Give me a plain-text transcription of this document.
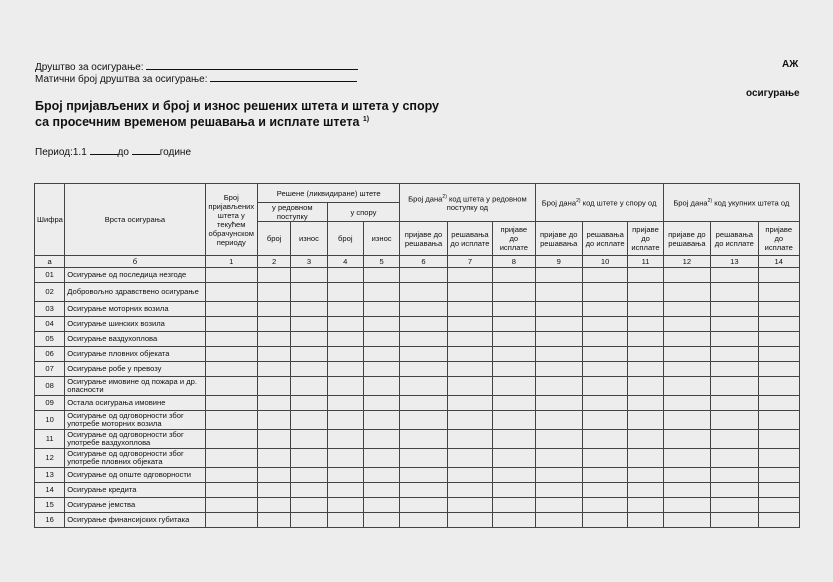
Друштво за осигурање:
Матични број друштва за осигурање:
АЖ
осигурање
Број пријављених и број и износ решених штета и штета у спору
са просечним временом решавања и исплате штета $^{1)}$
Период:1.1	до	године
Шифра	Врста осигурања	Број пријављених штета у текућем обрачунском периоду	Решене (ликвидиране) штете				Број дана$^{2)}$ код штета у редовном поступку од			Број дана$^{2)}$ код штете у спору од			Број дана$^{2)}$ код укупних штета од		
			у редовном поступку		у спору										
			број	износ	број	износ	пријаве до решавања	решавања до исплате	пријаве до исплате	пријаве до решавања	решавања до исплате	пријаве до исплате	пријаве до решавања	решавања до исплате	пријаве до исплате
а	б	1	2	3	4	5	6	7	8	9	10	11	12	13	14
01	Осигурање од последица незгоде														
02	Добровољно здравствено осигурање														
03	Осигурање моторних возила														
04	Осигурање шинских возила														
05	Осигурање ваздухоплова														
06	Осигурање пловних објеката														
07	Осигурање робе у превозу														
08	Осигурање имовине од пожара и др. опасности														
09	Остала осигурања имовине														
10	Осигурање од одговорности због употребе моторних возила														
11	Осигурање од одговорности због употребе ваздухоплова														
12	Осигурање од одговорности због употребе пловних објеката														
13	Осигурање од опште одговорности														
14	Осигурање кредита														
15	Осигурање јемства														
16	Осигурање финансијских губитака														
